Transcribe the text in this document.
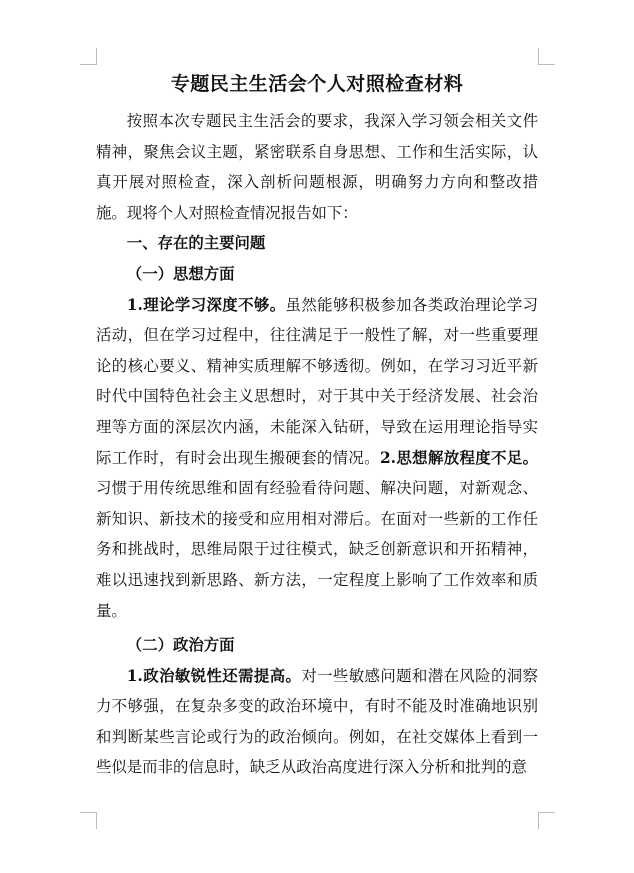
专题民主生活会个人对照检查材料

按照本次专题民主生活会的要求，我深入学习领会相关文件精神，聚焦会议主题，紧密联系自身思想、工作和生活实际，认真开展对照检查，深入剖析问题根源，明确努力方向和整改措施。现将个人对照检查情况报告如下：

一、存在的主要问题

（一）思想方面

1.理论学习深度不够。虽然能够积极参加各类政治理论学习活动，但在学习过程中，往往满足于一般性了解，对一些重要理论的核心要义、精神实质理解不够透彻。例如，在学习习近平新时代中国特色社会主义思想时，对于其中关于经济发展、社会治理等方面的深层次内涵，未能深入钻研，导致在运用理论指导实际工作时，有时会出现生搬硬套的情况。2.思想解放程度不足。习惯于用传统思维和固有经验看待问题、解决问题，对新观念、新知识、新技术的接受和应用相对滞后。在面对一些新的工作任务和挑战时，思维局限于过往模式，缺乏创新意识和开拓精神，难以迅速找到新思路、新方法，一定程度上影响了工作效率和质量。

（二）政治方面

1.政治敏锐性还需提高。对一些敏感问题和潜在风险的洞察力不够强，在复杂多变的政治环境中，有时不能及时准确地识别和判断某些言论或行为的政治倾向。例如，在社交媒体上看到一些似是而非的信息时，缺乏从政治高度进行深入分析和批判的意
